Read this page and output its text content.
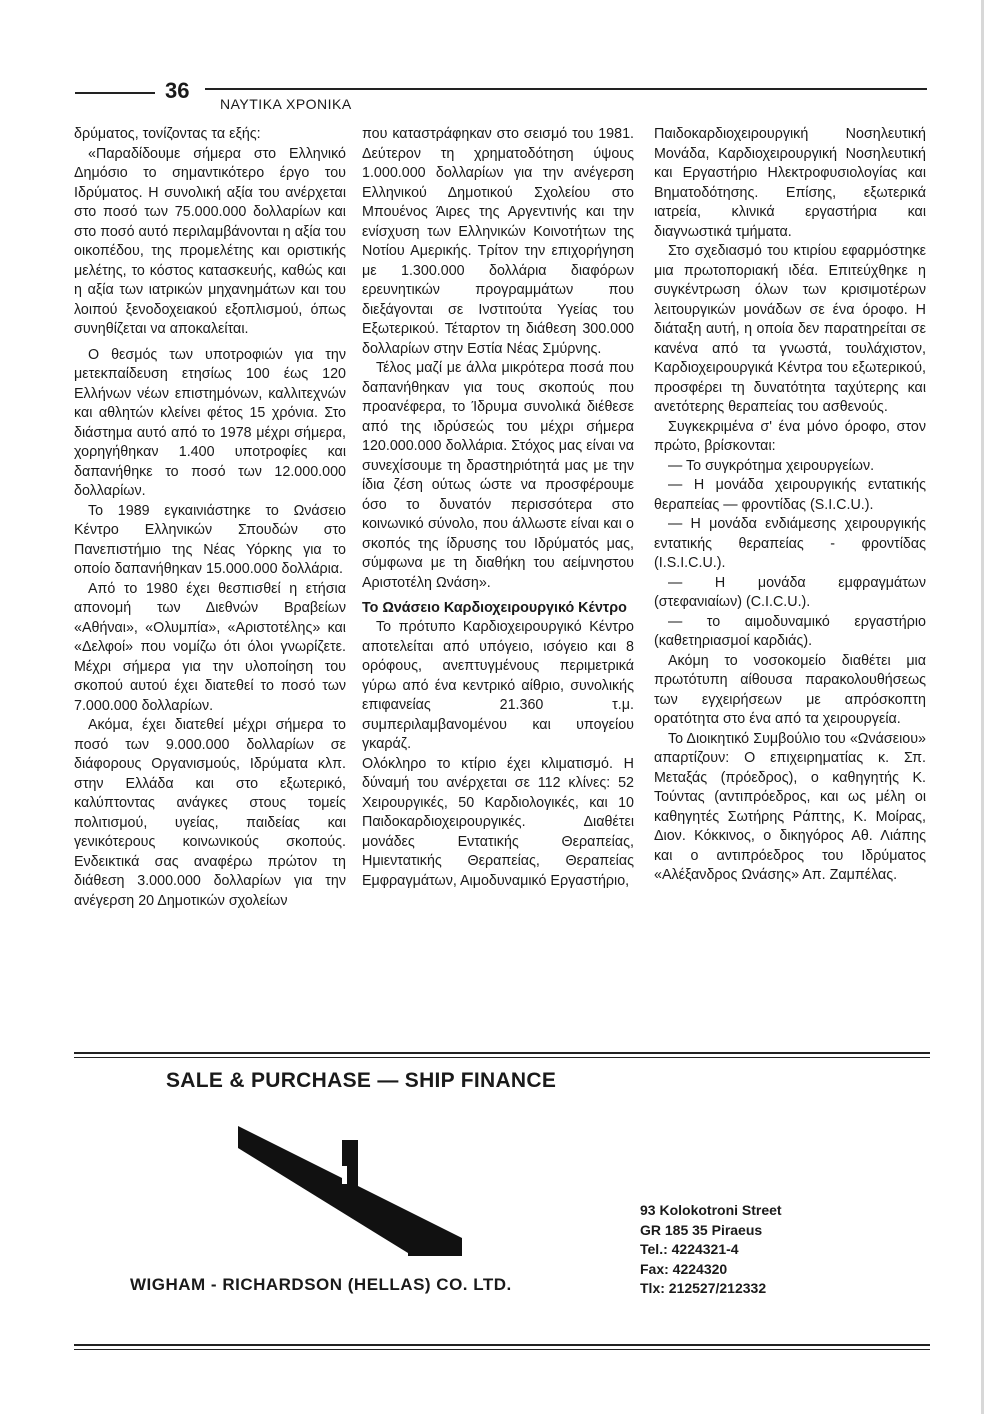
36
ΝΑΥΤΙΚΑ ΧΡΟΝΙΚΑ

δρύματος, τονίζοντας τα εξής:

«Παραδίδουμε σήμερα στο Ελληνικό Δημόσιο το σημαντικότερο έργο του Ιδρύματος. Η συνολική αξία του ανέρχεται στο ποσό των 75.000.000 δολλαρίων και στο ποσό αυτό περιλαμβάνονται η αξία του οικοπέδου, της προμελέτης και οριστικής μελέτης, το κόστος κατασκευής, καθώς και η αξία των ιατρικών μηχανημάτων και του λοιπού ξενοδοχειακού εξοπλισμού, όπως συνηθίζεται να αποκαλείται.

Ο θεσμός των υποτροφιών για την μετεκπαίδευση ετησίως 100 έως 120 Ελλήνων νέων επιστημόνων, καλλιτεχνών και αθλητών κλείνει φέτος 15 χρόνια. Στο διάστημα αυτό από το 1978 μέχρι σήμερα, χορηγήθηκαν 1.400 υποτροφίες και δαπανήθηκε το ποσό των 12.000.000 δολλαρίων.

Το 1989 εγκαινιάστηκε το Ωνάσειο Κέντρο Ελληνικών Σπουδών στο Πανεπιστήμιο της Νέας Υόρκης για το οποίο δαπανήθηκαν 15.000.000 δολλάρια.

Από το 1980 έχει θεσπισθεί η ετήσια απονομή των Διεθνών Βραβείων «Αθήναι», «Ολυμπία», «Αριστοτέλης» και «Δελφοί» που νομίζω ότι όλοι γνωρίζετε. Μέχρι σήμερα για την υλοποίηση του σκοπού αυτού έχει διατεθεί το ποσό των 7.000.000 δολλαρίων.

Ακόμα, έχει διατεθεί μέχρι σήμερα το ποσό των 9.000.000 δολλαρίων σε διάφορους Οργανισμούς, Ιδρύματα κλπ. στην Ελλάδα και στο εξωτερικό, καλύπτοντας ανάγκες στους τομείς πολιτισμού, υγείας, παιδείας και γενικότερους κοινωνικούς σκοπούς. Ενδεικτικά σας αναφέρω πρώτον τη διάθεση 3.000.000 δολλαρίων για την ανέγερση 20 Δημοτικών σχολείων

που καταστράφηκαν στο σεισμό του 1981. Δεύτερον τη χρηματοδότηση ύψους 1.000.000 δολλαρίων για την ανέγερση Ελληνικού Δημοτικού Σχολείου στο Μπουένος Άιρες της Αργεντινής και την ενίσχυση των Ελληνικών Κοινοτήτων της Νοτίου Αμερικής. Τρίτον την επιχορήγηση με 1.300.000 δολλάρια διαφόρων ερευνητικών προγραμμάτων που διεξάγονται σε Ινστιτούτα Υγείας του Εξωτερικού. Τέταρτον τη διάθεση 300.000 δολλαρίων στην Εστία Νέας Σμύρνης.

Τέλος μαζί με άλλα μικρότερα ποσά που δαπανήθηκαν για τους σκοπούς που προανέφερα, το Ίδρυμα συνολικά διέθεσε από της ιδρύσεώς του μέχρι σήμερα 120.000.000 δολλάρια. Στόχος μας είναι να συνεχίσουμε τη δραστηριότητά μας με την ίδια ζέση ούτως ώστε να προσφέρουμε όσο το δυνατόν περισσότερα στο κοινωνικό σύνολο, που άλλωστε είναι και ο σκοπός της ίδρυσης του Ιδρύματός μας, σύμφωνα με τη διαθήκη του αείμνηστου Αριστοτέλη Ωνάση».

Το Ωνάσειο Καρδιοχειρουργικό Κέντρο

Το πρότυπο Καρδιοχειρουργικό Κέντρο αποτελείται από υπόγειο, ισόγειο και 8 ορόφους, ανεπτυγμένους περιμετρικά γύρω από ένα κεντρικό αίθριο, συνολικής επιφανείας 21.360 τ.μ. συμπεριλαμβανομένου και υπογείου γκαράζ.

Ολόκληρο το κτίριο έχει κλιματισμό. Η δύναμή του ανέρχεται σε 112 κλίνες: 52 Χειρουργικές, 50 Καρδιολογικές, και 10 Παιδοκαρδιοχειρουργικές. Διαθέτει μονάδες Εντατικής Θεραπείας, Ημιεντατικής Θεραπείας, Θεραπείας Εμφραγμάτων, Αιμοδυναμικό Εργαστήριο,

Παιδοκαρδιοχειρουργική Νοσηλευτική Μονάδα, Καρδιοχειρουργική Νοσηλευτική και Εργαστήριο Ηλεκτροφυσιολογίας και Βηματοδότησης. Επίσης, εξωτερικά ιατρεία, κλινικά εργαστήρια και διαγνωστικά τμήματα.

Στο σχεδιασμό του κτιρίου εφαρμόστηκε μια πρωτοποριακή ιδέα. Επιτεύχθηκε η συγκέντρωση όλων των κρισιμοτέρων λειτουργικών μονάδων σε ένα όροφο. Η διάταξη αυτή, η οποία δεν παρατηρείται σε κανένα από τα γνωστά, τουλάχιστον, Καρδιοχειρουργικά Κέντρα του εξωτερικού, προσφέρει τη δυνατότητα ταχύτερης και ανετότερης θεραπείας του ασθενούς.

Συγκεκριμένα σ' ένα μόνο όροφο, στον πρώτο, βρίσκονται:

— Το συγκρότημα χειρουργείων.

— Η μονάδα χειρουργικής εντατικής θεραπείας — φροντίδας (S.I.C.U.).

— Η μονάδα ενδιάμεσης χειρουργικής εντατικής θεραπείας - φροντίδας (I.S.I.C.U.).

— Η μονάδα εμφραγμάτων (στεφανιαίων) (C.I.C.U.).

— το αιμοδυναμικό εργαστήριο (καθετηριασμοί καρδιάς).

Ακόμη το νοσοκομείο διαθέτει μια πρωτότυπη αίθουσα παρακολουθήσεως των εγχειρήσεων με απρόσκοπτη ορατότητα στο ένα από τα χειρουργεία.

Το Διοικητικό Συμβούλιο του «Ωνάσειου» απαρτίζουν: Ο επιχειρηματίας κ. Σπ. Μεταξάς (πρόεδρος), ο καθηγητής Κ. Τούντας (αντιπρόεδρος, και ως μέλη οι καθηγητές Σωτήρης Ράπτης, Κ. Μοίρας, Διον. Κόκκινος, ο δικηγόρος Αθ. Λιάπης και ο αντιπρόεδρος του Ιδρύματος «Αλέξανδρος Ωνάσης» Απ. Ζαμπέλας.

SALE & PURCHASE — SHIP FINANCE
WIGHAM - RICHARDSON (HELLAS) CO. LTD.
93 Kolokotroni Street
GR 185 35 Piraeus
Tel.: 4224321-4
Fax: 4224320
Tlx: 212527/212332
